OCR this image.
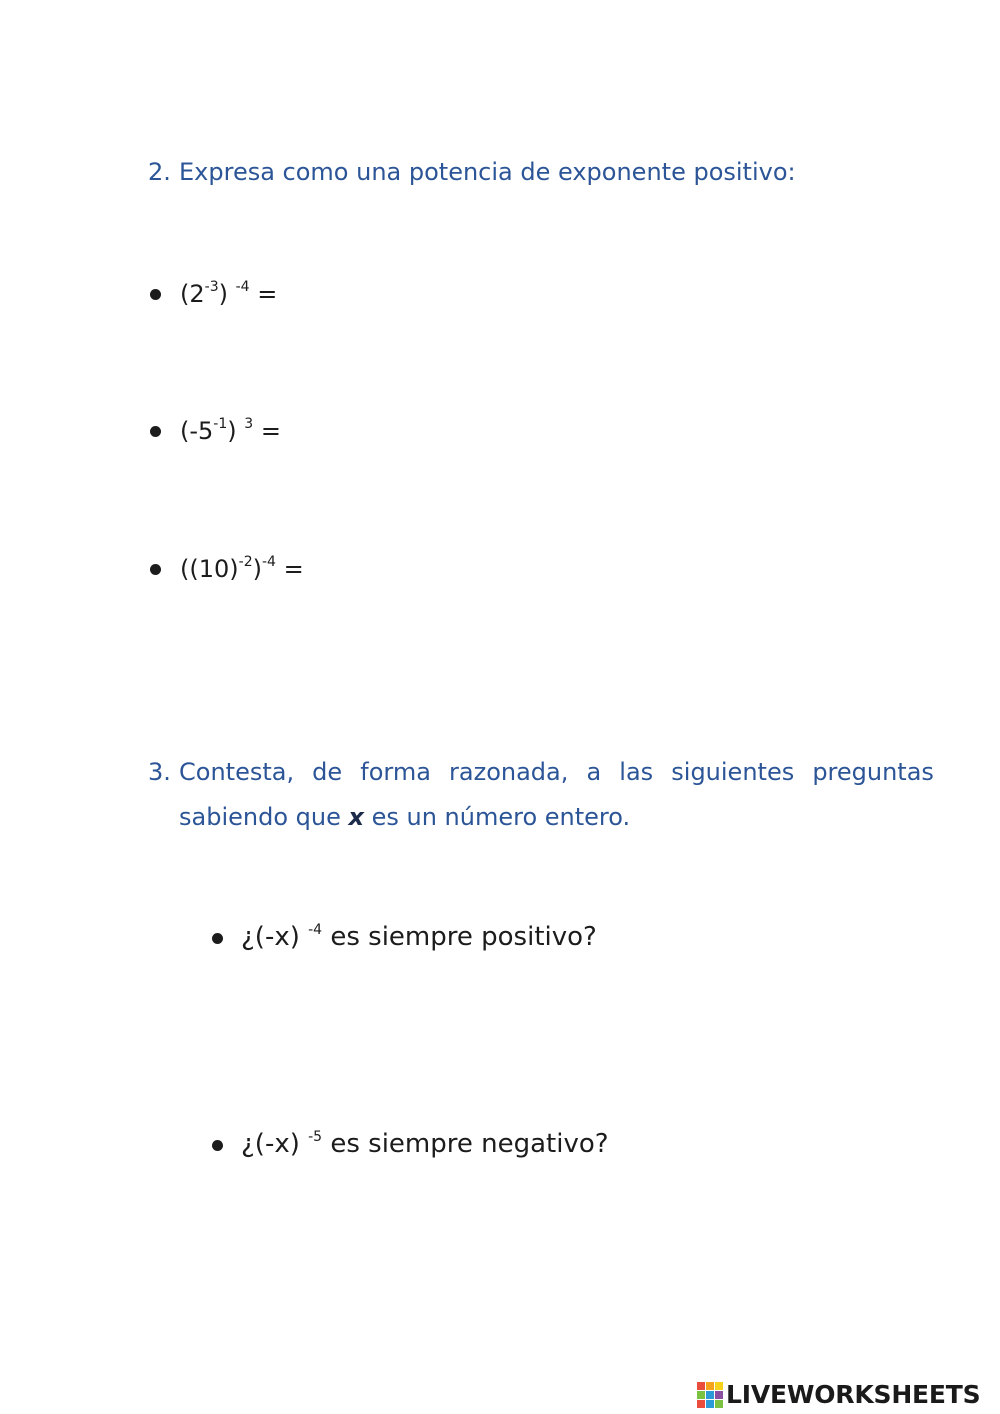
2. Expresa como una potencia de exponente positivo:

$(2^{-3}) ^{-4}$ =
$(-5^{-1}) ^3$ =
$((10)^{-2})^{-4}$ =
3. Contesta, de forma razonada, a las siguientes preguntas
sabiendo que x es un número entero.
¿(-x) $^{-4}$ es siempre positivo?
¿(-x) $^{-5}$ es siempre negativo?
LIVEWORKSHEETS
